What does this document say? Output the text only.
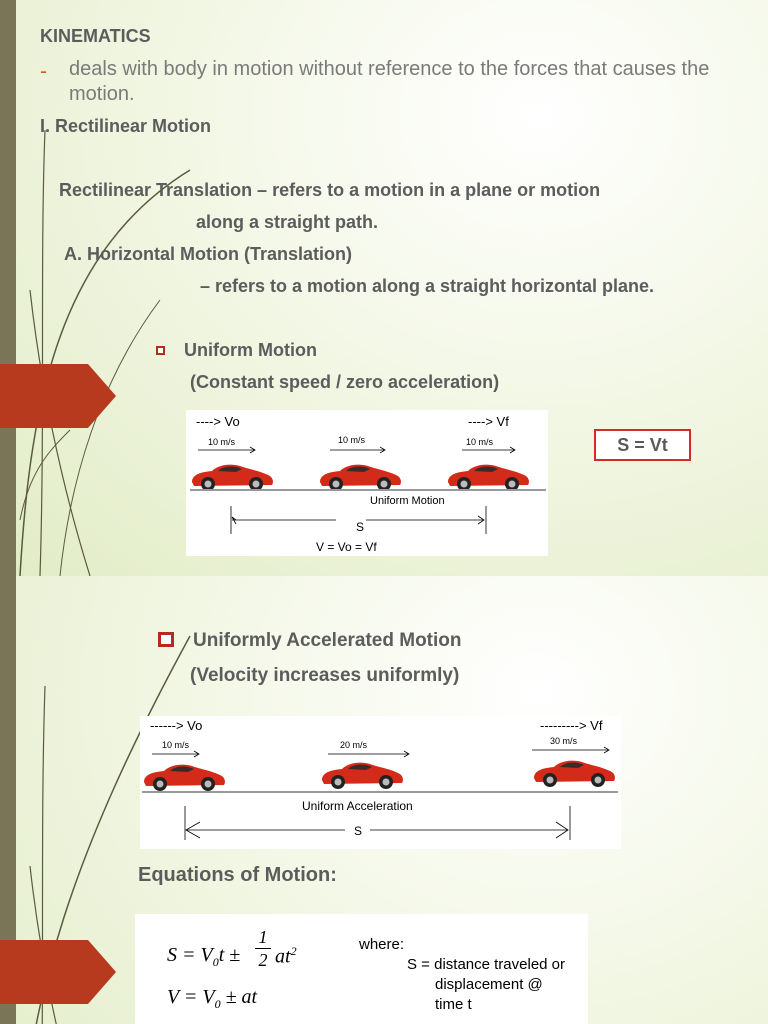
KINEMATICS
- deals with body in motion without reference to the forces that causes the motion.
I. Rectilinear Motion
Rectilinear Translation – refers to a motion in a plane or motion
along a straight path.
A. Horizontal Motion (Translation)
– refers to a motion along a straight horizontal plane.
Uniform Motion
(Constant speed / zero acceleration)
S = Vt
----> Vo	----> Vf
10 m/s	10 m/s	10 m/s
Uniform Motion
S
V = Vo = Vf
Uniformly Accelerated Motion
(Velocity increases uniformly)
------> Vo	---------> Vf
10 m/s	20 m/s	30 m/s
Uniform Acceleration
S
Equations of Motion:
$S = V_0t$ ±
1

2 $at^2$
$V = V_0$ ± at
where:
S = distance traveled or
displacement @
time t
